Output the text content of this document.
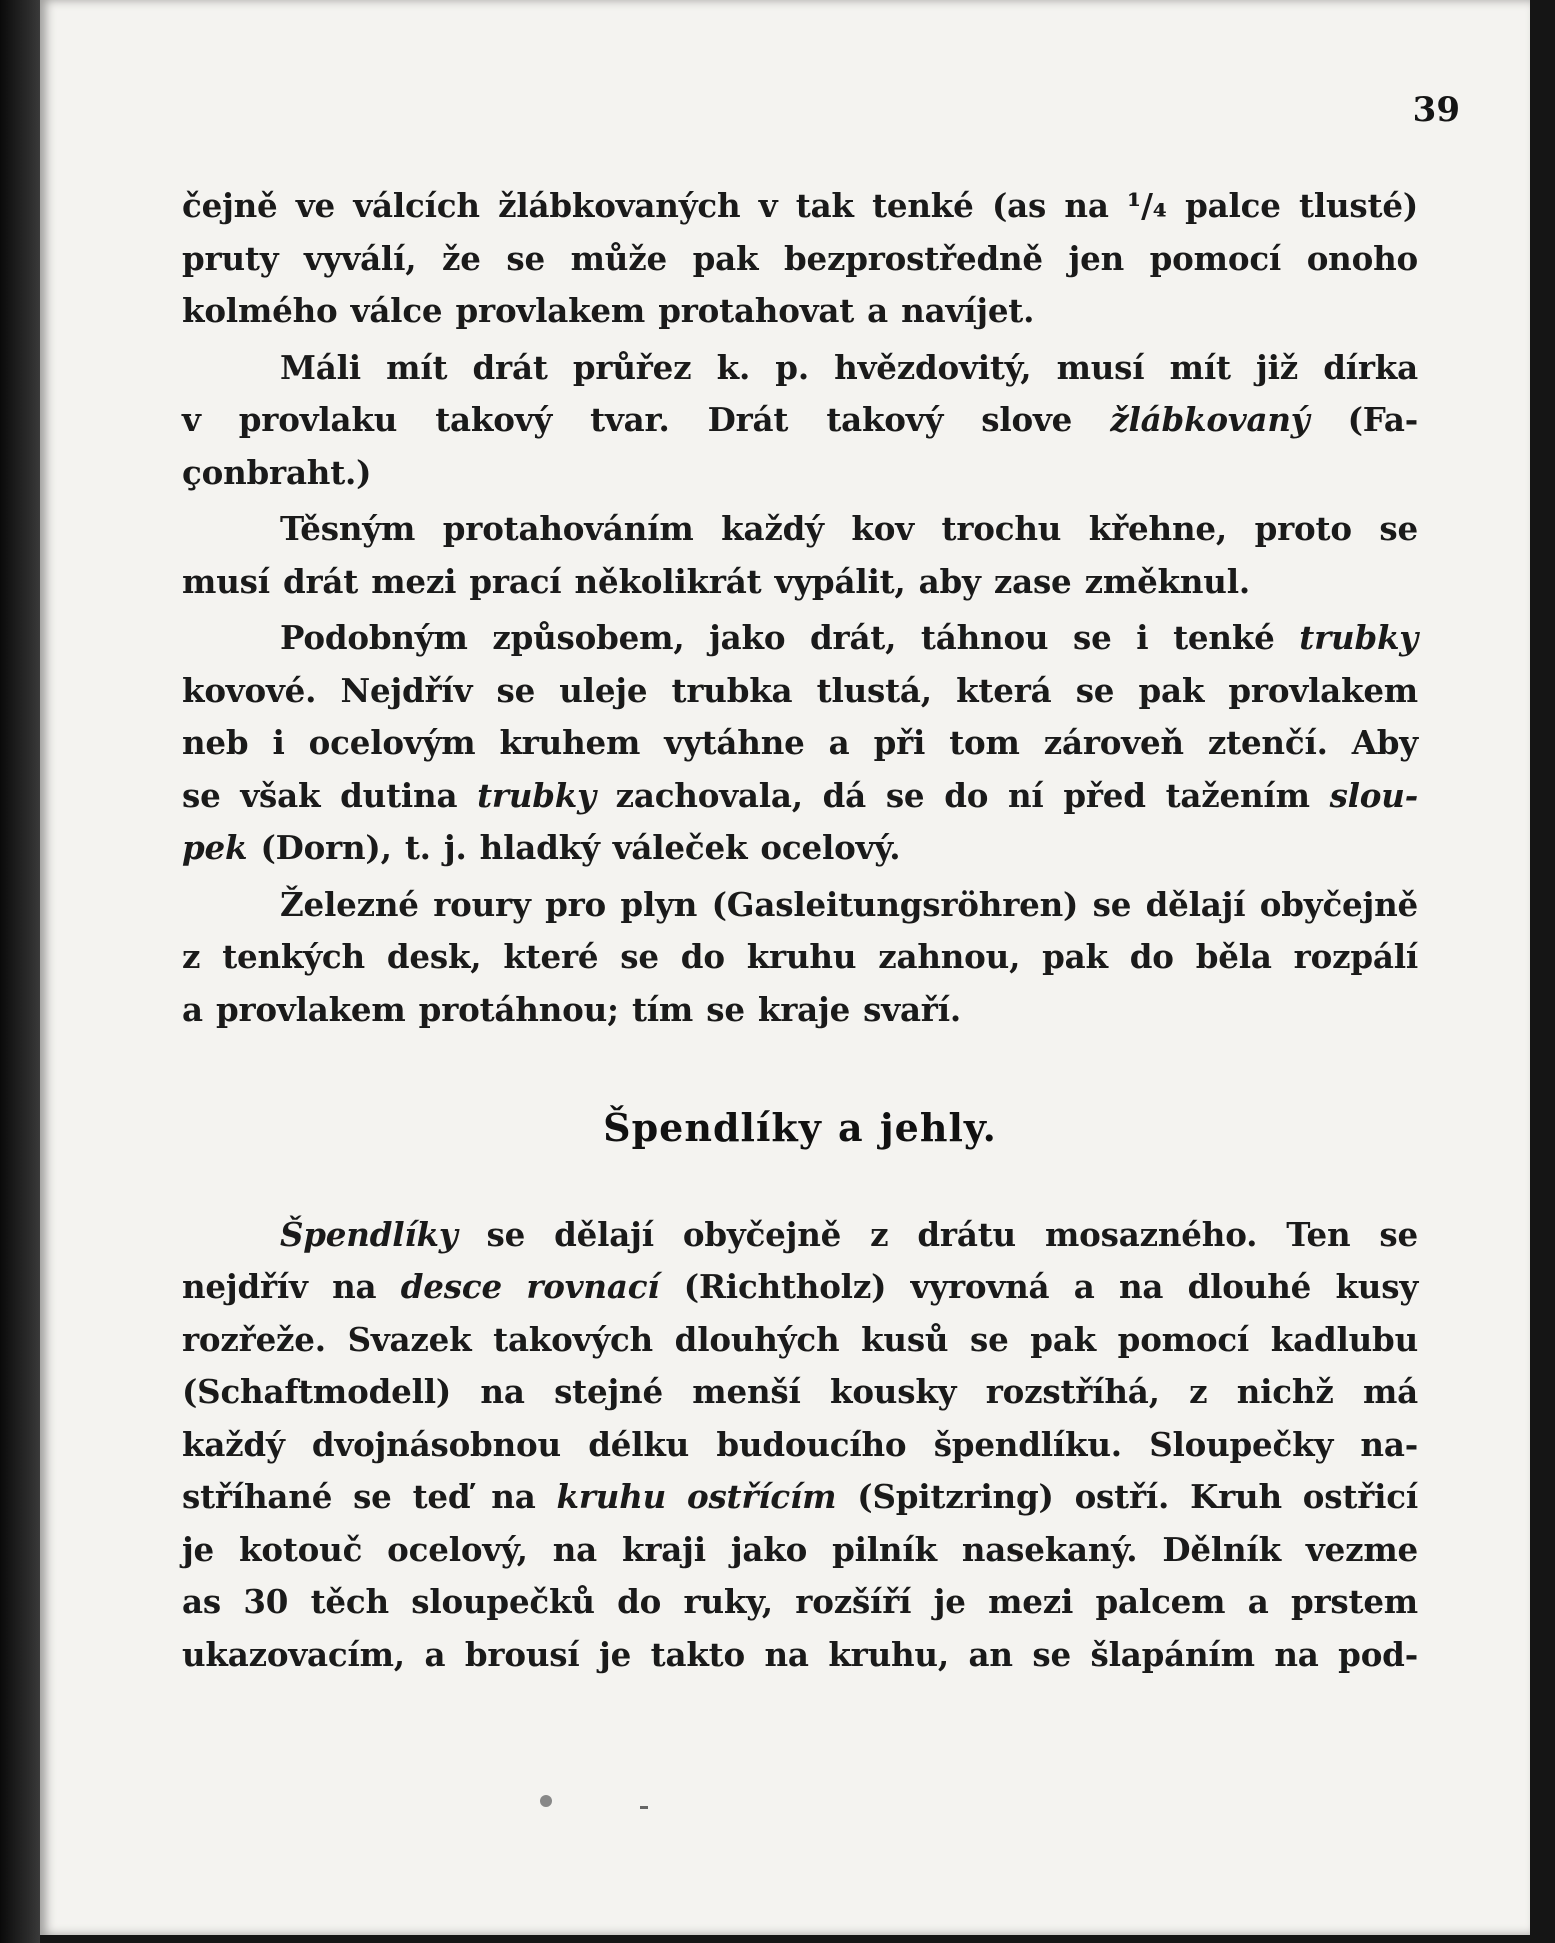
39
čejně ve válcích žlábkovaných v tak tenké (as na ¹/₄ palce tlusté)
pruty vyválí, že se může pak bezprostředně jen pomocí onoho
kolmého válce provlakem protahovat a navíjet.
Máli mít drát průřez k. p. hvězdovitý, musí mít již dírka
v provlaku takový tvar. Drát takový slove žlábkovaný (Fa-
çonbraht.)
Těsným protahováním každý kov trochu křehne, proto se
musí drát mezi prací několikrát vypálit, aby zase změknul.
Podobným způsobem, jako drát, táhnou se i tenké trubky
kovové. Nejdřív se uleje trubka tlustá, která se pak provlakem
neb i ocelovým kruhem vytáhne a při tom zároveň ztenčí. Aby
se však dutina trubky zachovala, dá se do ní před tažením slou-
pek (Dorn), t. j. hladký váleček ocelový.
Železné roury pro plyn (Gasleitungsröhren) se dělají obyčejně
z tenkých desk, které se do kruhu zahnou, pak do běla rozpálí
a provlakem protáhnou; tím se kraje svaří.
Špendlíky a jehly.
Špendlíky se dělají obyčejně z drátu mosazného. Ten se
nejdřív na desce rovnací (Richtholz) vyrovná a na dlouhé kusy
rozřeže. Svazek takových dlouhých kusů se pak pomocí kadlubu
(Schaftmodell) na stejné menší kousky rozstříhá, z nichž má
každý dvojnásobnou délku budoucího špendlíku. Sloupečky na-
stříhané se teď na kruhu ostřícím (Spitzring) ostří. Kruh ostřicí
je kotouč ocelový, na kraji jako pilník nasekaný. Dělník vezme
as 30 těch sloupečků do ruky, rozšíří je mezi palcem a prstem
ukazovacím, a brousí je takto na kruhu, an se šlapáním na pod-
